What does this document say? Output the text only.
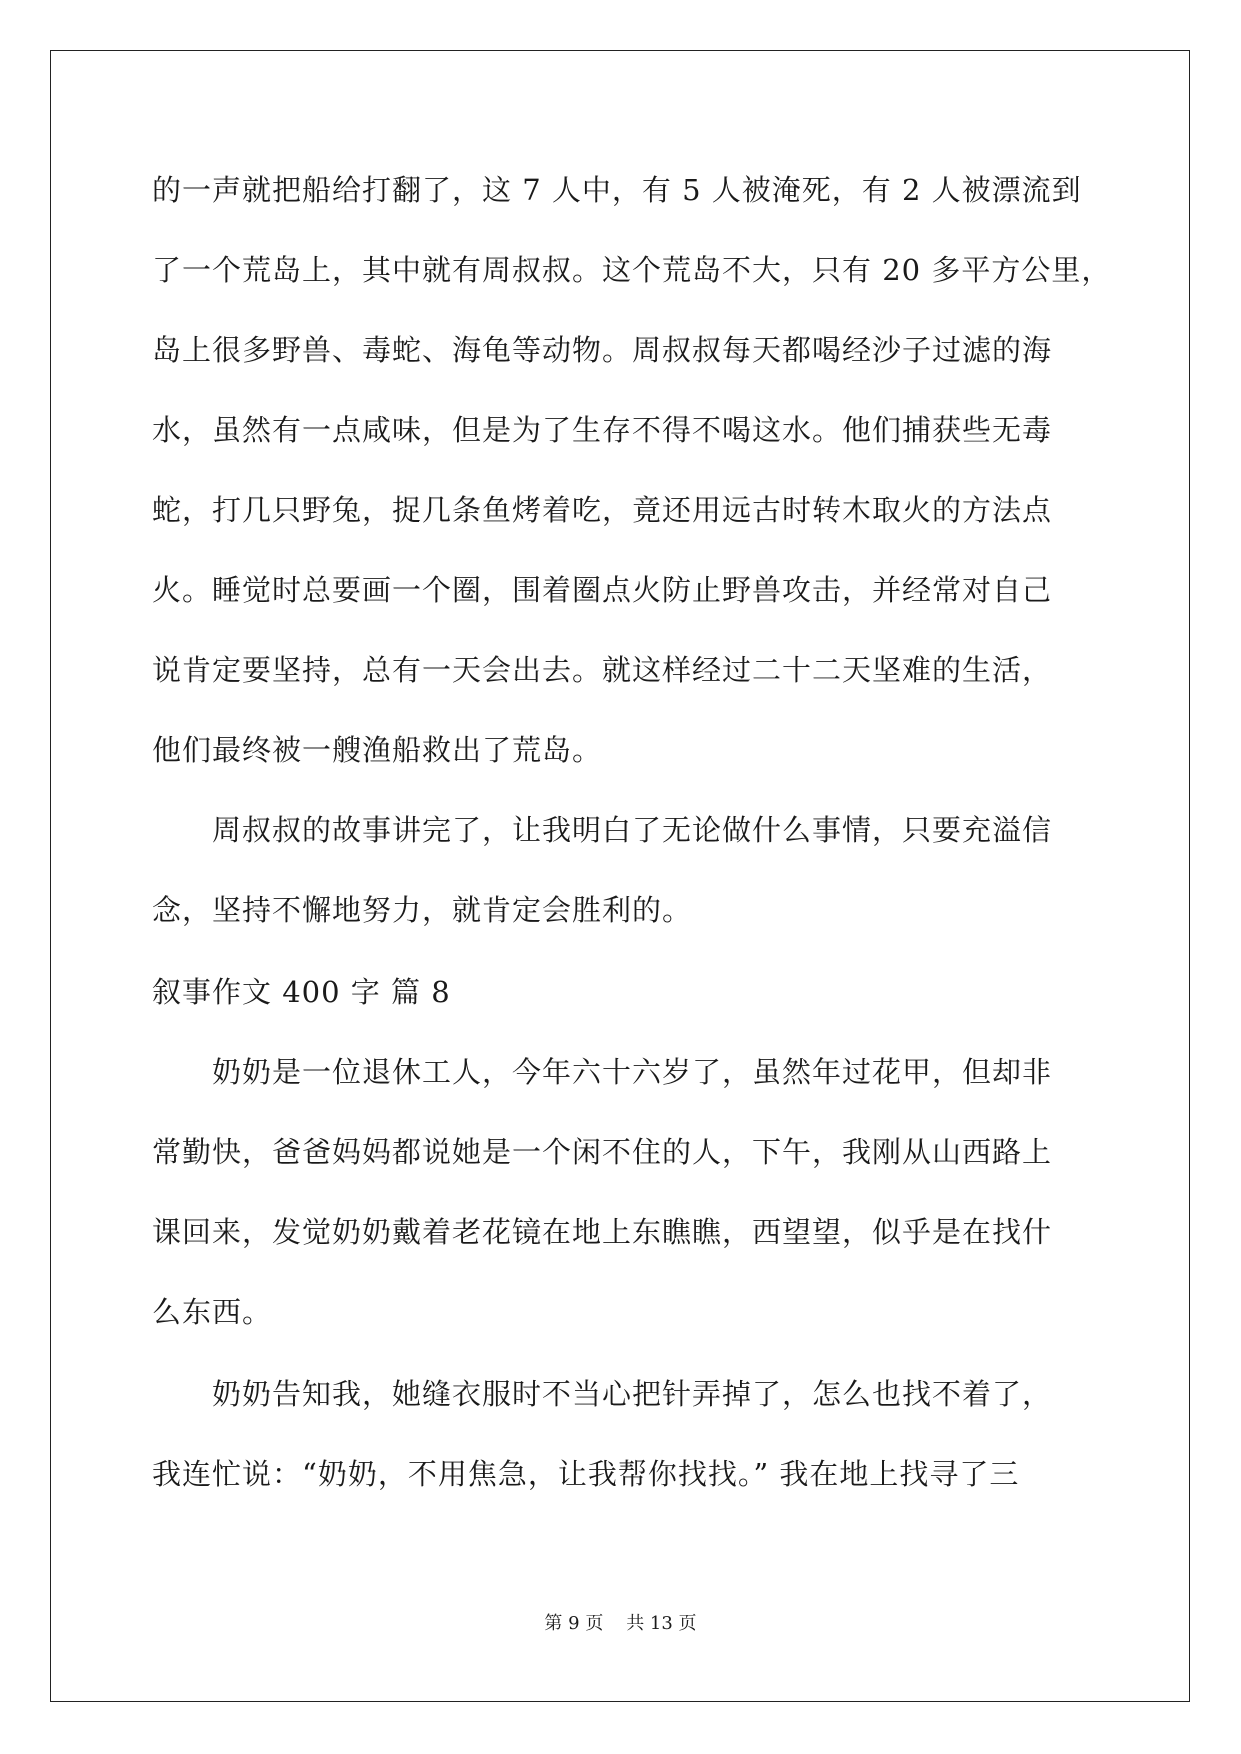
的一声就把船给打翻了，这 7 人中，有 5 人被淹死，有 2 人被漂流到
了一个荒岛上，其中就有周叔叔。这个荒岛不大，只有 20 多平方公里，
岛上很多野兽、毒蛇、海龟等动物。周叔叔每天都喝经沙子过滤的海
水，虽然有一点咸味，但是为了生存不得不喝这水。他们捕获些无毒
蛇，打几只野兔，捉几条鱼烤着吃，竟还用远古时转木取火的方法点
火。睡觉时总要画一个圈，围着圈点火防止野兽攻击，并经常对自己
说肯定要坚持，总有一天会出去。就这样经过二十二天坚难的生活，
他们最终被一艘渔船救出了荒岛。
周叔叔的故事讲完了，让我明白了无论做什么事情，只要充溢信
念，坚持不懈地努力，就肯定会胜利的。
叙事作文 400 字 篇 8
奶奶是一位退休工人，今年六十六岁了，虽然年过花甲，但却非
常勤快，爸爸妈妈都说她是一个闲不住的人，下午，我刚从山西路上
课回来，发觉奶奶戴着老花镜在地上东瞧瞧，西望望，似乎是在找什
么东西。
奶奶告知我，她缝衣服时不当心把针弄掉了，怎么也找不着了，
我连忙说：“奶奶，不用焦急，让我帮你找找。” 我在地上找寻了三
第 9 页    共 13 页
